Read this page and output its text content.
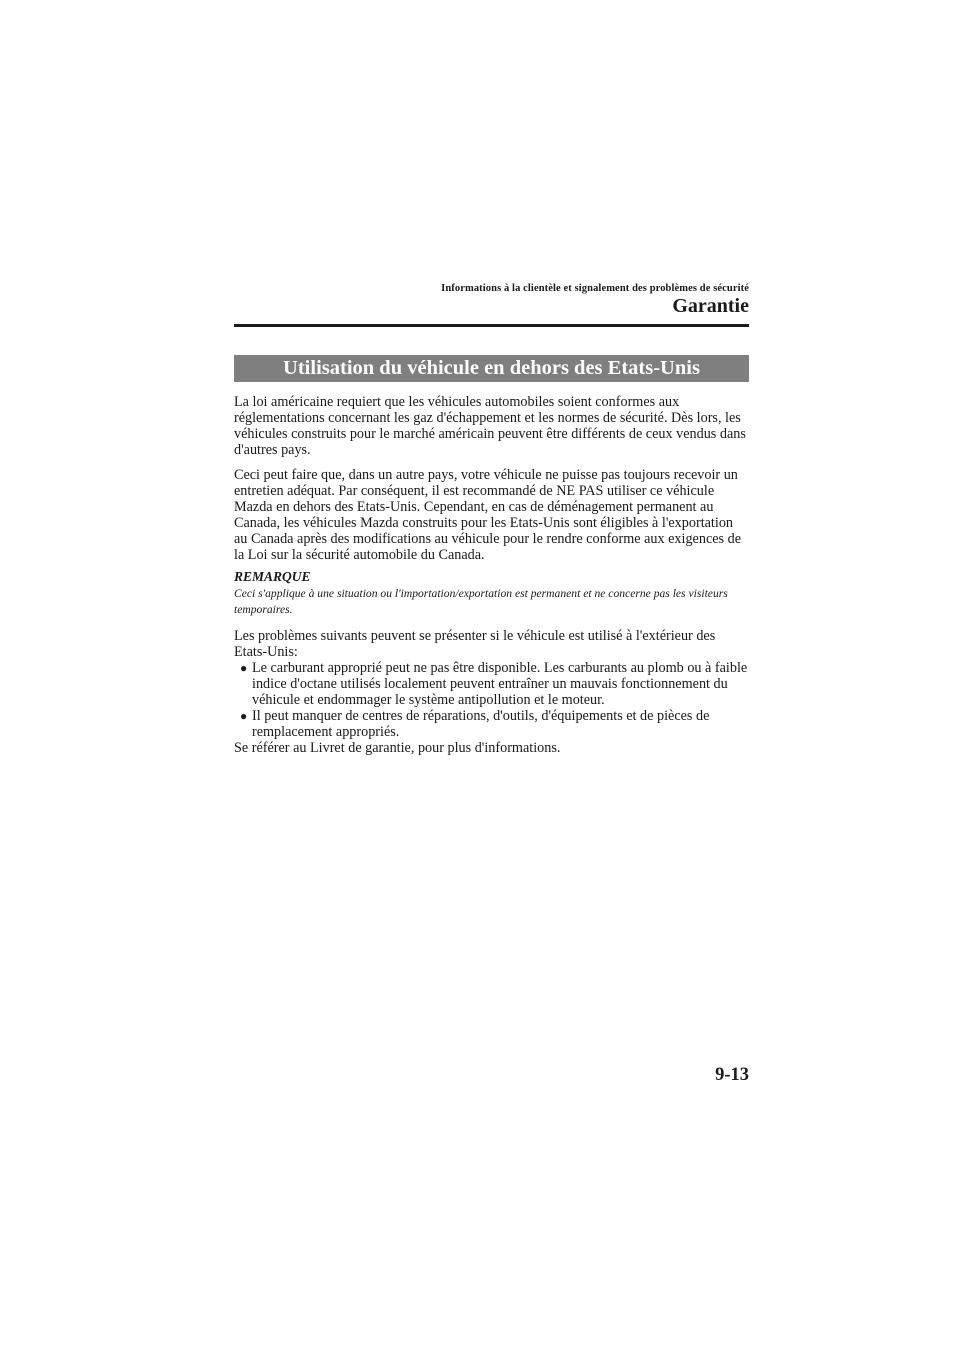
Informations à la clientèle et signalement des problèmes de sécurité
Garantie
Utilisation du véhicule en dehors des Etats-Unis

La loi américaine requiert que les véhicules automobiles soient conformes aux réglementations concernant les gaz d'échappement et les normes de sécurité. Dès lors, les véhicules construits pour le marché américain peuvent être différents de ceux vendus dans d'autres pays.

Ceci peut faire que, dans un autre pays, votre véhicule ne puisse pas toujours recevoir un entretien adéquat. Par conséquent, il est recommandé de NE PAS utiliser ce véhicule Mazda en dehors des Etats-Unis. Cependant, en cas de déménagement permanent au Canada, les véhicules Mazda construits pour les Etats-Unis sont éligibles à l'exportation au Canada après des modifications au véhicule pour le rendre conforme aux exigences de la Loi sur la sécurité automobile du Canada.

REMARQUE

Ceci s'applique à une situation ou l'importation/exportation est permanent et ne concerne pas les visiteurs temporaires.

Les problèmes suivants peuvent se présenter si le véhicule est utilisé à l'extérieur des Etats-Unis:

● Le carburant approprié peut ne pas être disponible. Les carburants au plomb ou à faible indice d'octane utilisés localement peuvent entraîner un mauvais fonctionnement du véhicule et endommager le système antipollution et le moteur.
● Il peut manquer de centres de réparations, d'outils, d'équipements et de pièces de remplacement appropriés.

Se référer au Livret de garantie, pour plus d'informations.

9-13
